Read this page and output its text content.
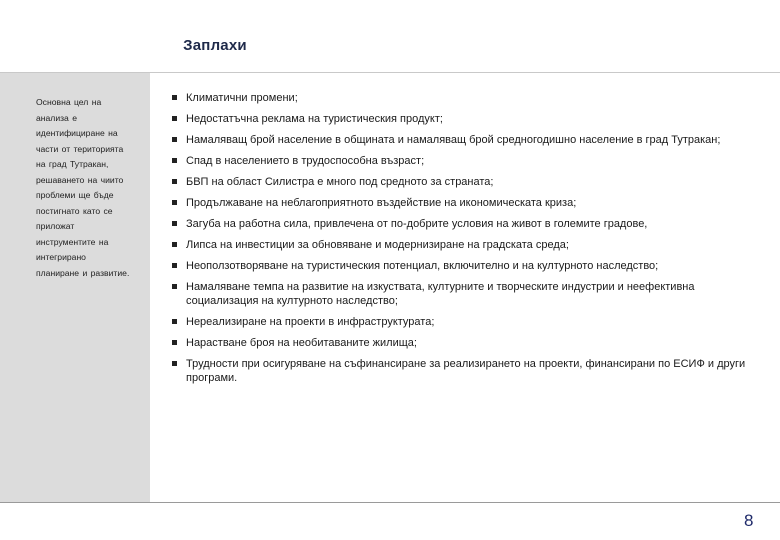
Заплахи
Основна цел на анализа е идентифициране на части от територията на град Тутракан, решаването на чиито проблеми ще бъде постигнато като се приложат инструментите на интегрирано планиране и развитие.
Климатични промени;
Недостатъчна реклама на туристическия продукт;
Намаляващ брой население в общината и намаляващ брой средногодишно население в град Тутракан;
Спад в населението в трудоспособна възраст;
БВП на област Силистра е много под средното за страната;
Продължаване на неблагоприятното въздействие на икономическата криза;
Загуба на работна сила, привлечена от по-добрите условия на живот в големите градове,
Липса на инвестиции за обновяване и модернизиране на градската среда;
Неоползотворяване на туристическия потенциал, включително и на културното наследство;
Намаляване темпа на развитие на изкуствата, културните и творческите индустрии и неефективна социализация на културното наследство;
Нереализиране на проекти в инфраструктурата;
Нарастване броя на необитаваните жилища;
Трудности при осигуряване на съфинансиране за реализирането на проекти, финансирани по ЕСИФ и други програми.
8
